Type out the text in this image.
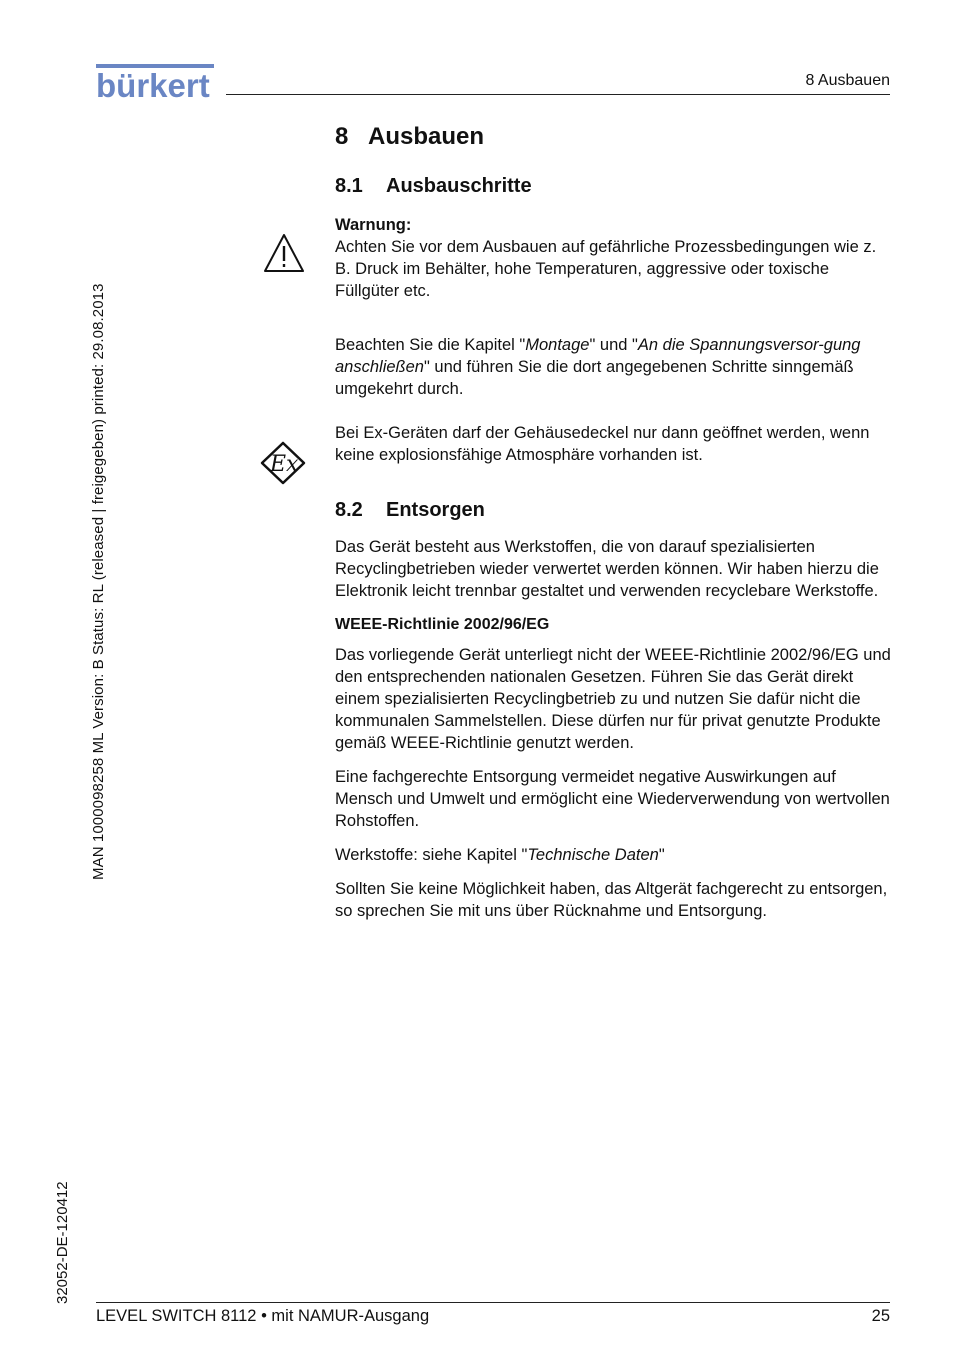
bürkert	8 Ausbauen
MAN 1000098258 ML Version: B Status: RL (released | freigegeben) printed: 29.08.2013
32052-DE-120412
Ex
8 Ausbauen
8.1 Ausbauschritte

Warnung:

Achten Sie vor dem Ausbauen auf gefährliche Prozessbedingungen wie z. B. Druck im Behälter, hohe Temperaturen, aggressive oder toxische Füllgüter etc.

Beachten Sie die Kapitel "Montage" und "An die Spannungsversor-gung anschließen" und führen Sie die dort angegebenen Schritte sinngemäß umgekehrt durch.

Bei Ex-Geräten darf der Gehäusedeckel nur dann geöffnet werden, wenn keine explosionsfähige Atmosphäre vorhanden ist.

8.2 Entsorgen

Das Gerät besteht aus Werkstoffen, die von darauf spezialisierten Recyclingbetrieben wieder verwertet werden können. Wir haben hierzu die Elektronik leicht trennbar gestaltet und verwenden recyclebare Werkstoffe.

WEEE-Richtlinie 2002/96/EG

Das vorliegende Gerät unterliegt nicht der WEEE-Richtlinie 2002/96/EG und den entsprechenden nationalen Gesetzen. Führen Sie das Gerät direkt einem spezialisierten Recyclingbetrieb zu und nutzen Sie dafür nicht die kommunalen Sammelstellen. Diese dürfen nur für privat genutzte Produkte gemäß WEEE-Richtlinie genutzt werden.

Eine fachgerechte Entsorgung vermeidet negative Auswirkungen auf Mensch und Umwelt und ermöglicht eine Wiederverwendung von wertvollen Rohstoffen.

Werkstoffe: siehe Kapitel "Technische Daten"

Sollten Sie keine Möglichkeit haben, das Altgerät fachgerecht zu entsorgen, so sprechen Sie mit uns über Rücknahme und Entsorgung.

LEVEL SWITCH 8112 • mit NAMUR-Ausgang	25
